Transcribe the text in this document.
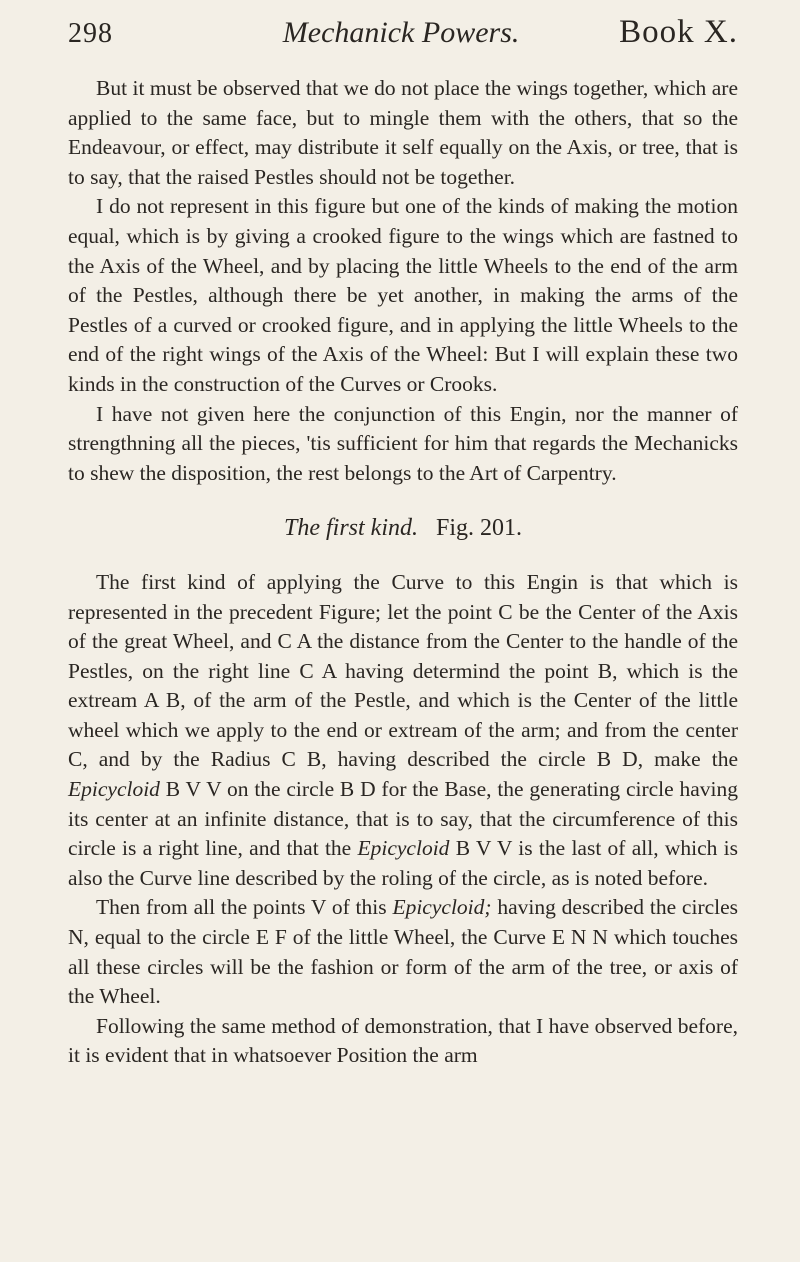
298	Mechanick Powers.	Book X.

But it must be observed that we do not place the wings together, which are applied to the same face, but to mingle them with the others, that so the Endeavour, or effect, may distribute it self equally on the Axis, or tree, that is to say, that the raised Pestles should not be together.

I do not represent in this figure but one of the kinds of making the motion equal, which is by giving a crooked figure to the wings which are fastned to the Axis of the Wheel, and by placing the little Wheels to the end of the arm of the Pestles, although there be yet another, in making the arms of the Pestles of a curved or crooked figure, and in applying the little Wheels to the end of the right wings of the Axis of the Wheel: But I will explain these two kinds in the construction of the Curves or Crooks.

I have not given here the conjunction of this Engin, nor the manner of strengthning all the pieces, 'tis sufficient for him that regards the Mechanicks to shew the disposition, the rest belongs to the Art of Carpentry.

The first kind. Fig. 201.

The first kind of applying the Curve to this Engin is that which is represented in the precedent Figure; let the point C be the Center of the Axis of the great Wheel, and C A the distance from the Center to the handle of the Pestles, on the right line C A having determind the point B, which is the extream A B, of the arm of the Pestle, and which is the Center of the little wheel which we apply to the end or extream of the arm; and from the center C, and by the Radius C B, having described the circle B D, make the Epicycloid B V V on the circle B D for the Base, the generating circle having its center at an infinite distance, that is to say, that the circumference of this circle is a right line, and that the Epicycloid B V V is the last of all, which is also the Curve line described by the roling of the circle, as is noted before.

Then from all the points V of this Epicycloid; having described the circles N, equal to the circle E F of the little Wheel, the Curve E N N which touches all these circles will be the fashion or form of the arm of the tree, or axis of the Wheel.

Following the same method of demonstration, that I have observed before, it is evident that in whatsoever Position the arm
